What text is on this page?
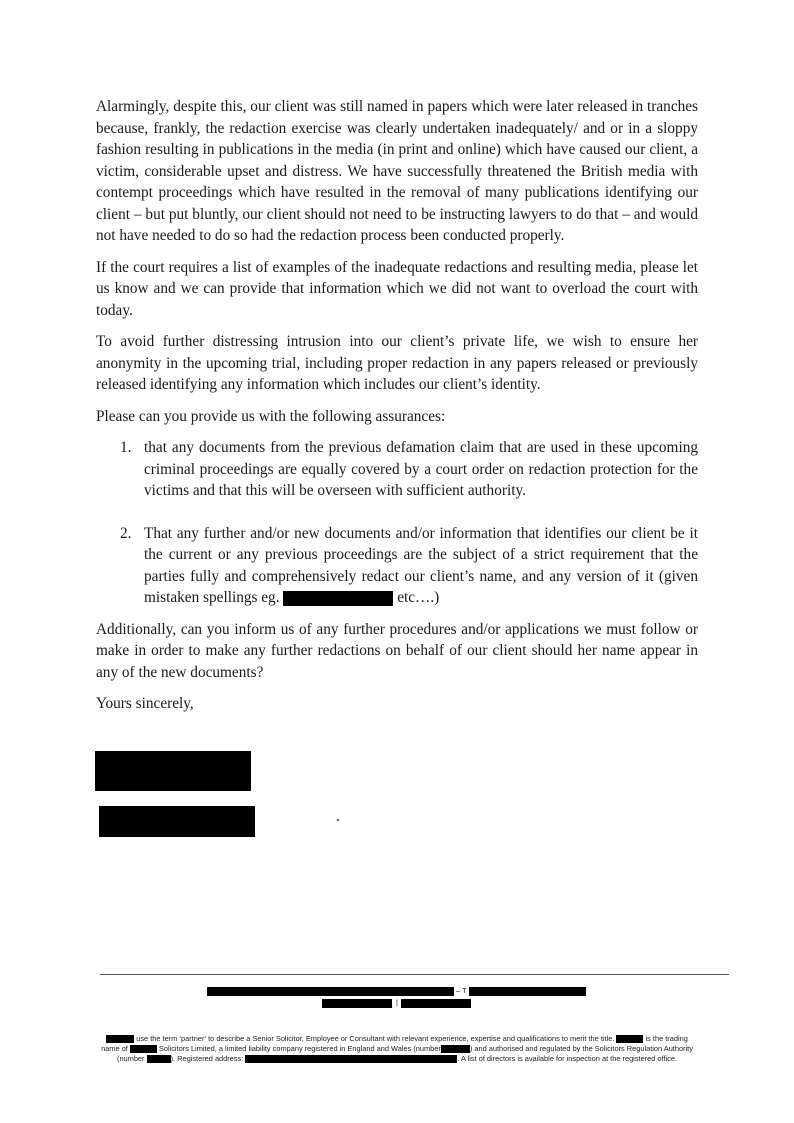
Alarmingly, despite this, our client was still named in papers which were later released in tranches because, frankly, the redaction exercise was clearly undertaken inadequately/ and or in a sloppy fashion resulting in publications in the media (in print and online) which have caused our client, a victim, considerable upset and distress. We have successfully threatened the British media with contempt proceedings which have resulted in the removal of many publications identifying our client – but put bluntly, our client should not need to be instructing lawyers to do that – and would not have needed to do so had the redaction process been conducted properly.

If the court requires a list of examples of the inadequate redactions and resulting media, please let us know and we can provide that information which we did not want to overload the court with today.

To avoid further distressing intrusion into our client’s private life, we wish to ensure her anonymity in the upcoming trial, including proper redaction in any papers released or previously released identifying any information which includes our client’s identity.

Please can you provide us with the following assurances:

1. that any documents from the previous defamation claim that are used in these upcoming criminal proceedings are equally covered by a court order on redaction protection for the victims and that this will be overseen with sufficient authority.
2. That any further and/or new documents and/or information that identifies our client be it the current or any previous proceedings are the subject of a strict requirement that the parties fully and comprehensively redact our client’s name, and any version of it (given mistaken spellings eg.	etc….)

Additionally, can you inform us of any further procedures and/or applications we must follow or make in order to make any further redactions on behalf of our client should her name appear in any of the new documents?

Yours sincerely,

.
– T
|
use the term ‘partner’ to describe a Senior Solicitor, Employee or Consultant with relevant experience, expertise and qualifications to merit the title.	is the trading
name of	Solicitors Limited, a limited liability company registered in England and Wales (number	) and authorised and regulated by the Solicitors Regulation Authority
(number	). Registered address:	. A list of directors is available for inspection at the registered office.
